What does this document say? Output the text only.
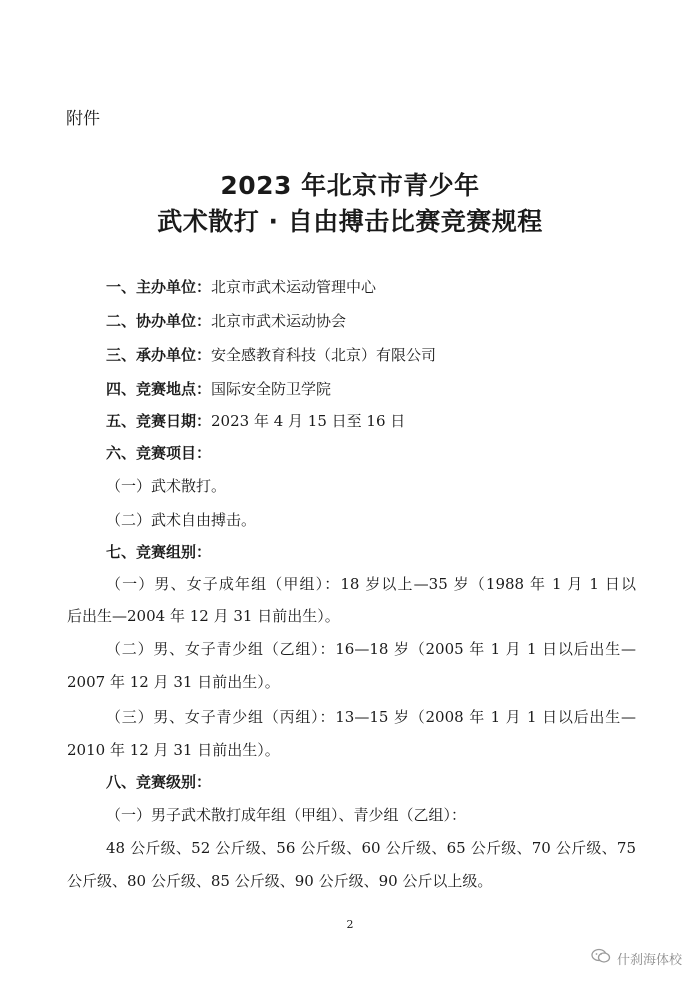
附件
2023 年北京市青少年
武术散打 · 自由搏击比赛竞赛规程
一、主办单位：北京市武术运动管理中心
二、协办单位：北京市武术运动协会
三、承办单位：安全感教育科技（北京）有限公司
四、竞赛地点：国际安全防卫学院
五、竞赛日期：2023 年 4 月 15 日至 16 日
六、竞赛项目：
（一）武术散打。
（二）武术自由搏击。
七、竞赛组别：
（一）男、女子成年组（甲组）：18 岁以上—35 岁（1988 年 1 月 1 日以
后出生—2004 年 12 月 31 日前出生）。
（二）男、女子青少组（乙组）：16—18 岁（2005 年 1 月 1 日以后出生—
2007 年 12 月 31 日前出生）。
（三）男、女子青少组（丙组）：13—15 岁（2008 年 1 月 1 日以后出生—
2010 年 12 月 31 日前出生）。
八、竞赛级别：
（一）男子武术散打成年组（甲组）、青少组（乙组）：
48 公斤级、52 公斤级、56 公斤级、60 公斤级、65 公斤级、70 公斤级、75
公斤级、80 公斤级、85 公斤级、90 公斤级、90 公斤以上级。
2
什刹海体校
